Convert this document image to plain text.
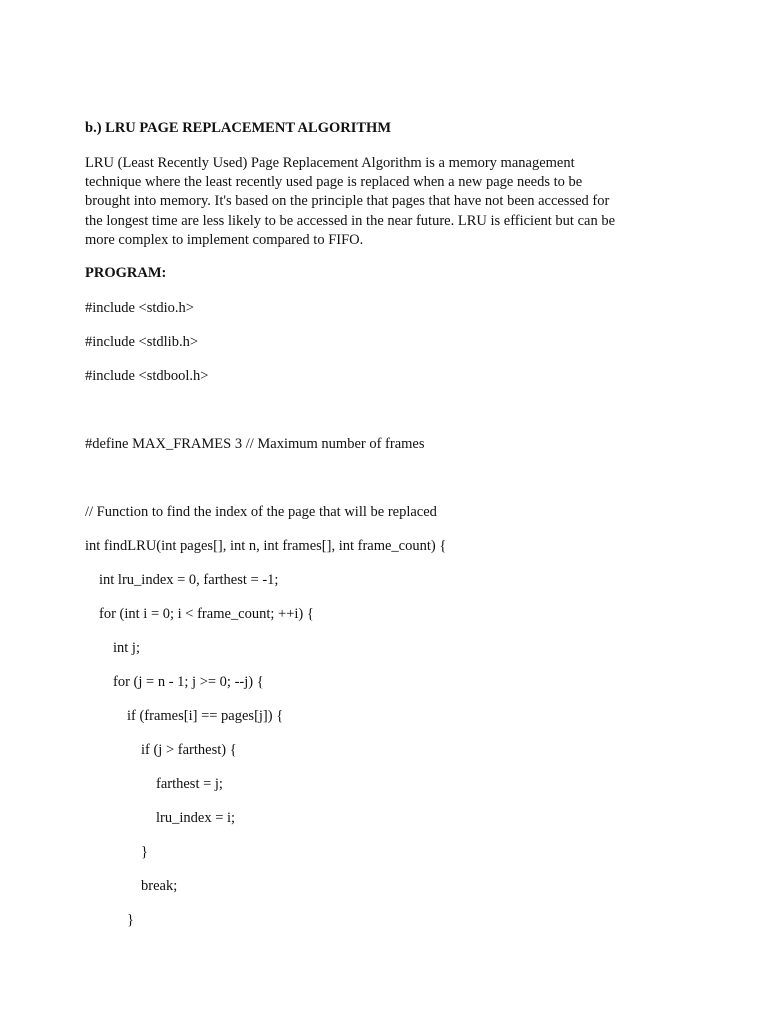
b.) LRU PAGE REPLACEMENT ALGORITHM
LRU (Least Recently Used) Page Replacement Algorithm is a memory management
technique where the least recently used page is replaced when a new page needs to be
brought into memory. It's based on the principle that pages that have not been accessed for
the longest time are less likely to be accessed in the near future. LRU is efficient but can be
more complex to implement compared to FIFO.
PROGRAM:
#include <stdio.h>
#include <stdlib.h>
#include <stdbool.h>
#define MAX_FRAMES 3 // Maximum number of frames
// Function to find the index of the page that will be replaced
int findLRU(int pages[], int n, int frames[], int frame_count) {
int lru_index = 0, farthest = -1;
for (int i = 0; i < frame_count; ++i) {
int j;
for (j = n - 1; j >= 0; --j) {
if (frames[i] == pages[j]) {
if (j > farthest) {
farthest = j;
lru_index = i;
}
break;
}
